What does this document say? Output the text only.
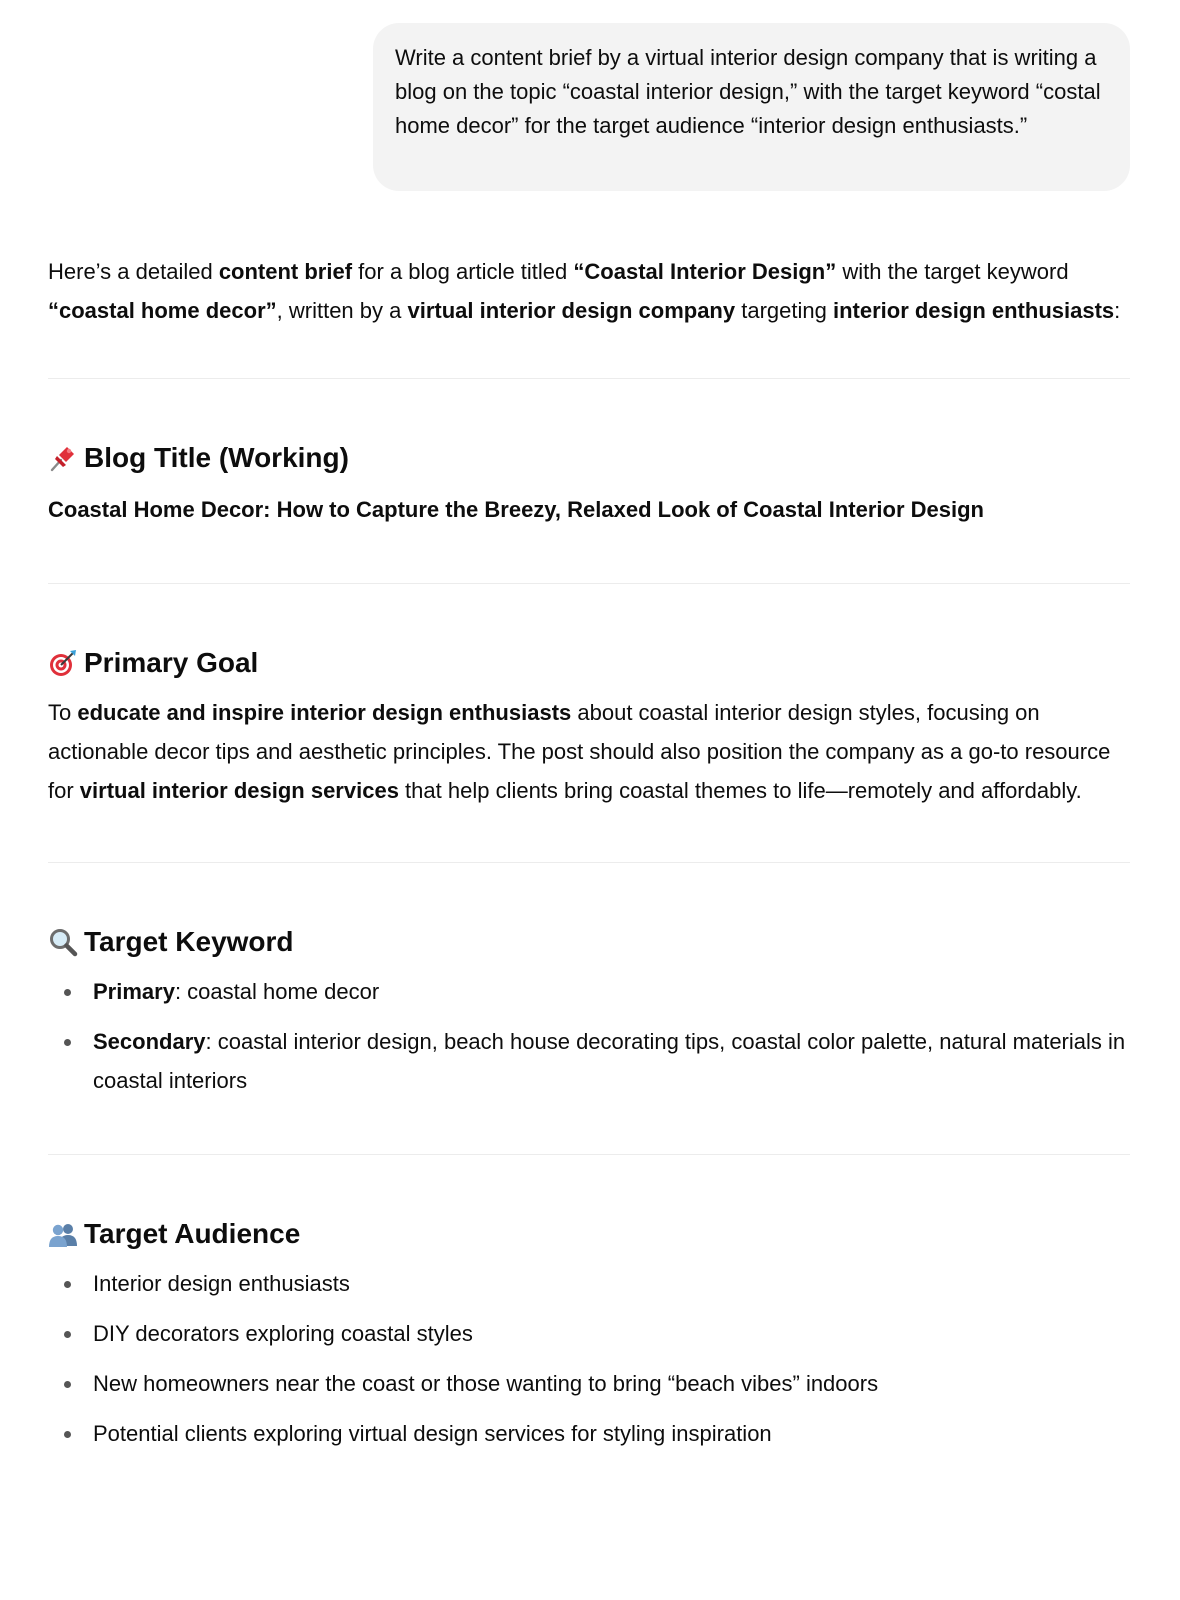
Write a content brief by a virtual interior design company that is writing a blog on the topic “coastal interior design,” with the target keyword “costal home decor” for the target audience “interior design enthusiasts.”

Here’s a detailed content brief for a blog article titled “Coastal Interior Design” with the target keyword “coastal home decor”, written by a virtual interior design company targeting interior design enthusiasts:

Blog Title (Working)

Coastal Home Decor: How to Capture the Breezy, Relaxed Look of Coastal Interior Design

Primary Goal

To educate and inspire interior design enthusiasts about coastal interior design styles, focusing on actionable decor tips and aesthetic principles. The post should also position the company as a go-to resource for virtual interior design services that help clients bring coastal themes to life—remotely and affordably.

Target Keyword
Primary: coastal home decor
Secondary: coastal interior design, beach house decorating tips, coastal color palette, natural materials in coastal interiors
Target Audience
Interior design enthusiasts
DIY decorators exploring coastal styles
New homeowners near the coast or those wanting to bring “beach vibes” indoors
Potential clients exploring virtual design services for styling inspiration
